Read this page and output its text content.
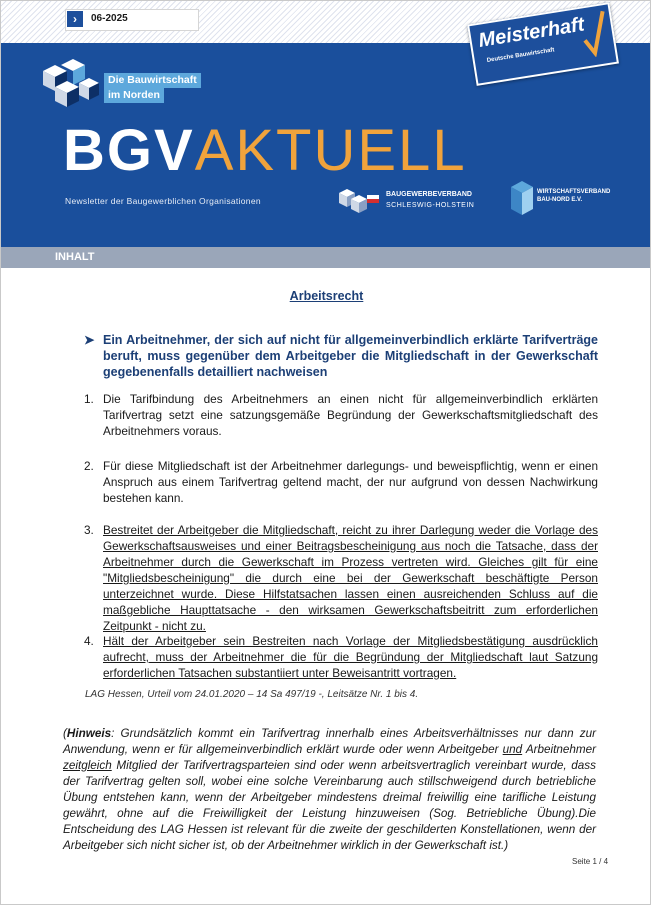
›	06-2025
Die Bauwirtschaft
im Norden
BGVAKTUELL
Newsletter der Baugewerblichen Organisationen
BAUGEWERBEVERBAND
SCHLESWIG-HOLSTEIN
WIRTSCHAFTSVERBAND
BAU-NORD E.V.
Meisterhaft
Deutsche Bauwirtschaft
INHALT
Arbeitsrecht
➤ Ein Arbeitnehmer, der sich auf nicht für allgemeinverbindlich erklärte Tarifverträge beruft, muss gegenüber dem Arbeitgeber die Mitgliedschaft in der Gewerkschaft gegebenenfalls detailliert nachweisen
1. Die Tarifbindung des Arbeitnehmers an einen nicht für allgemeinverbindlich erklärten Tarifvertrag setzt eine satzungsgemäße Begründung der Gewerkschaftsmitgliedschaft des Arbeitnehmers voraus.
2. Für diese Mitgliedschaft ist der Arbeitnehmer darlegungs- und beweispflichtig, wenn er einen Anspruch aus einem Tarifvertrag geltend macht, der nur aufgrund von dessen Nachwirkung bestehen kann.
3. Bestreitet der Arbeitgeber die Mitgliedschaft, reicht zu ihrer Darlegung weder die Vorlage des Gewerkschaftsausweises und einer Beitragsbescheinigung aus noch die Tatsache, dass der Arbeitnehmer durch die Gewerkschaft im Prozess vertreten wird. Gleiches gilt für eine "Mitgliedsbescheinigung" die durch eine bei der Gewerkschaft beschäftigte Person unterzeichnet wurde. Diese Hilfstatsachen lassen einen ausreichenden Schluss auf die maßgebliche Haupttatsache - den wirksamen Gewerkschaftsbeitritt zum erforderlichen Zeitpunkt - nicht zu.
4. Hält der Arbeitgeber sein Bestreiten nach Vorlage der Mitgliedsbestätigung ausdrücklich aufrecht, muss der Arbeitnehmer die für die Begründung der Mitgliedschaft laut Satzung erforderlichen Tatsachen substantiiert unter Beweisantritt vortragen.
LAG Hessen, Urteil vom 24.01.2020 – 14 Sa 497/19 -, Leitsätze Nr. 1 bis 4.
(Hinweis: Grundsätzlich kommt ein Tarifvertrag innerhalb eines Arbeitsverhältnisses nur dann zur Anwendung, wenn er für allgemeinverbindlich erklärt wurde oder wenn Arbeitgeber und Arbeitnehmer zeitgleich Mitglied der Tarifvertragsparteien sind oder wenn arbeitsvertraglich vereinbart wurde, dass der Tarifvertrag gelten soll, wobei eine solche Vereinbarung auch stillschweigend durch betriebliche Übung entstehen kann, wenn der Arbeitgeber mindestens dreimal freiwillig eine tarifliche Leistung gewährt, ohne auf die Freiwilligkeit der Leistung hinzuweisen (Sog. Betriebliche Übung).Die Entscheidung des LAG Hessen ist relevant für die zweite der geschilderten Konstellationen, wenn der Arbeitgeber sich nicht sicher ist, ob der Arbeitnehmer wirklich in der Gewerkschaft ist.)
Seite 1 / 4
